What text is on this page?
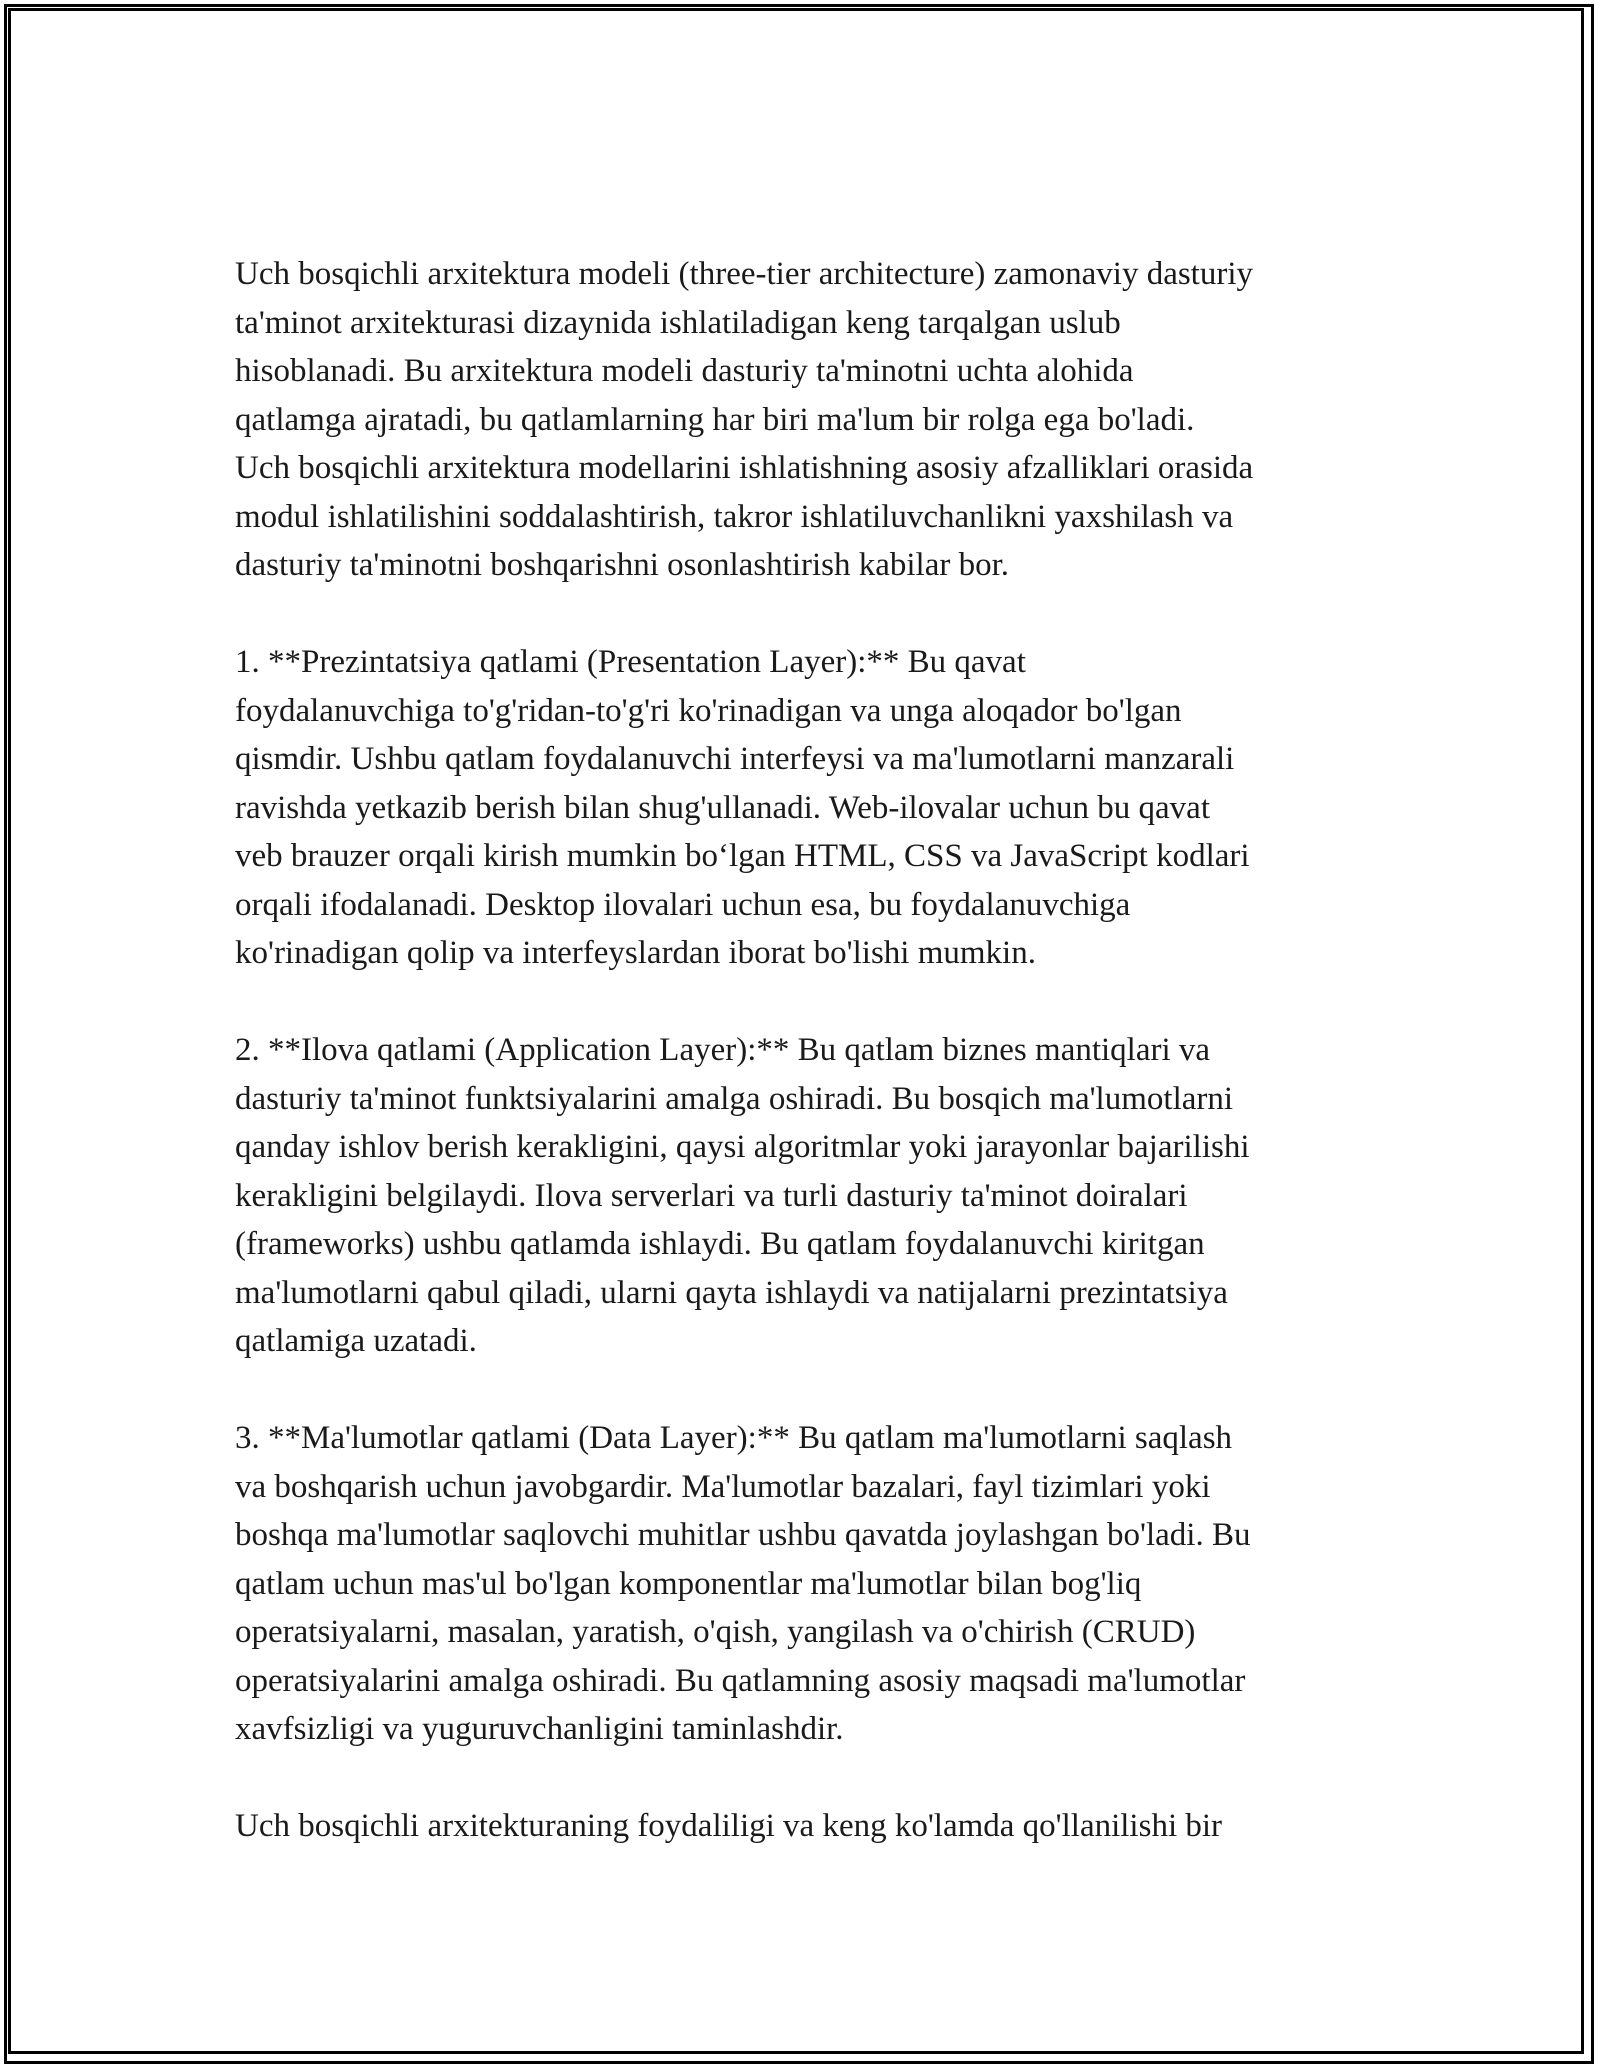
Uch bosqichli arxitektura modeli (three-tier architecture) zamonaviy dasturiy
ta'minot arxitekturasi dizaynida ishlatiladigan keng tarqalgan uslub
hisoblanadi. Bu arxitektura modeli dasturiy ta'minotni uchta alohida
qatlamga ajratadi, bu qatlamlarning har biri ma'lum bir rolga ega bo'ladi.
Uch bosqichli arxitektura modellarini ishlatishning asosiy afzalliklari orasida
modul ishlatilishini soddalashtirish, takror ishlatiluvchanlikni yaxshilash va
dasturiy ta'minotni boshqarishni osonlashtirish kabilar bor.

1. **Prezintatsiya qatlami (Presentation Layer):** Bu qavat
foydalanuvchiga to'g'ridan-to'g'ri ko'rinadigan va unga aloqador bo'lgan
qismdir. Ushbu qatlam foydalanuvchi interfeysi va ma'lumotlarni manzarali
ravishda yetkazib berish bilan shug'ullanadi. Web-ilovalar uchun bu qavat
veb brauzer orqali kirish mumkin bo‘lgan HTML, CSS va JavaScript kodlari
orqali ifodalanadi. Desktop ilovalari uchun esa, bu foydalanuvchiga
ko'rinadigan qolip va interfeyslardan iborat bo'lishi mumkin.

2. **Ilova qatlami (Application Layer):** Bu qatlam biznes mantiqlari va
dasturiy ta'minot funktsiyalarini amalga oshiradi. Bu bosqich ma'lumotlarni
qanday ishlov berish kerakligini, qaysi algoritmlar yoki jarayonlar bajarilishi
kerakligini belgilaydi. Ilova serverlari va turli dasturiy ta'minot doiralari
(frameworks) ushbu qatlamda ishlaydi. Bu qatlam foydalanuvchi kiritgan
ma'lumotlarni qabul qiladi, ularni qayta ishlaydi va natijalarni prezintatsiya
qatlamiga uzatadi.

3. **Ma'lumotlar qatlami (Data Layer):** Bu qatlam ma'lumotlarni saqlash
va boshqarish uchun javobgardir. Ma'lumotlar bazalari, fayl tizimlari yoki
boshqa ma'lumotlar saqlovchi muhitlar ushbu qavatda joylashgan bo'ladi. Bu
qatlam uchun mas'ul bo'lgan komponentlar ma'lumotlar bilan bog'liq
operatsiyalarni, masalan, yaratish, o'qish, yangilash va o'chirish (CRUD)
operatsiyalarini amalga oshiradi. Bu qatlamning asosiy maqsadi ma'lumotlar
xavfsizligi va yuguruvchanligini taminlashdir.

Uch bosqichli arxitekturaning foydaliligi va keng ko'lamda qo'llanilishi bir
